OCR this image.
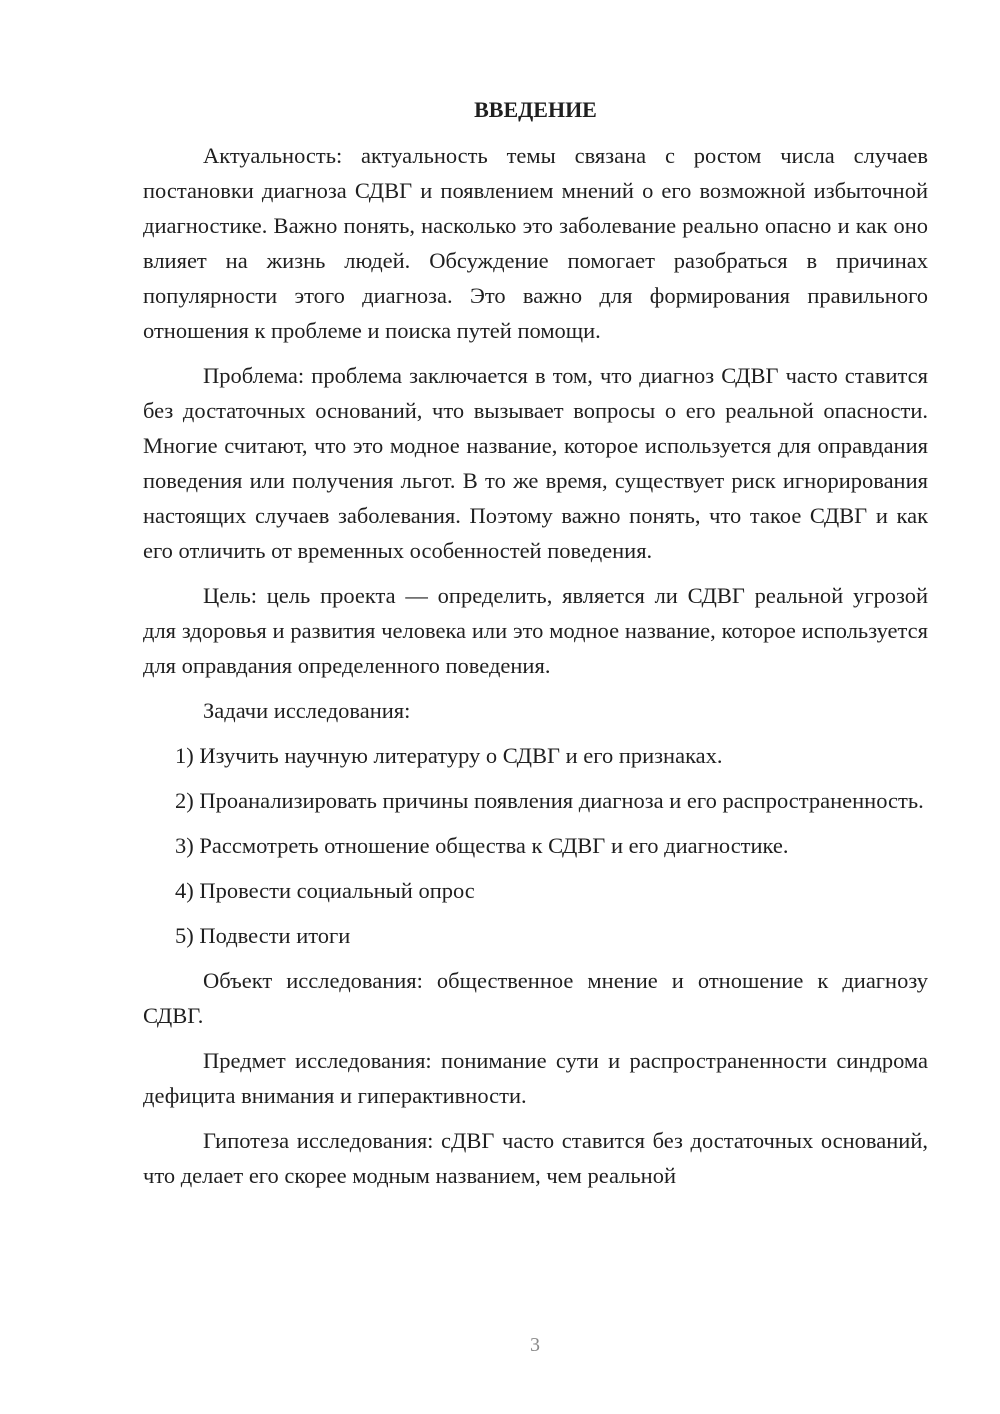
ВВЕДЕНИЕ

Актуальность: актуальность темы связана с ростом числа случаев постановки диагноза СДВГ и появлением мнений о его возможной избыточной диагностике. Важно понять, насколько это заболевание реально опасно и как оно влияет на жизнь людей. Обсуждение помогает разобраться в причинах популярности этого диагноза. Это важно для формирования правильного отношения к проблеме и поиска путей помощи.

Проблема: проблема заключается в том, что диагноз СДВГ часто ставится без достаточных оснований, что вызывает вопросы о его реальной опасности. Многие считают, что это модное название, которое используется для оправдания поведения или получения льгот. В то же время, существует риск игнорирования настоящих случаев заболевания. Поэтому важно понять, что такое СДВГ и как его отличить от временных особенностей поведения.

Цель: цель проекта — определить, является ли СДВГ реальной угрозой для здоровья и развития человека или это модное название, которое используется для оправдания определенного поведения.

Задачи исследования:

1) Изучить научную литературу о СДВГ и его признаках.

2) Проанализировать причины появления диагноза и его распространенность.

3) Рассмотреть отношение общества к СДВГ и его диагностике.

4) Провести социальный опрос

5) Подвести итоги

Объект исследования: общественное мнение и отношение к диагнозу СДВГ.

Предмет исследования: понимание сути и распространенности синдрома дефицита внимания и гиперактивности.

Гипотеза исследования: сДВГ часто ставится без достаточных оснований, что делает его скорее модным названием, чем реальной

3
